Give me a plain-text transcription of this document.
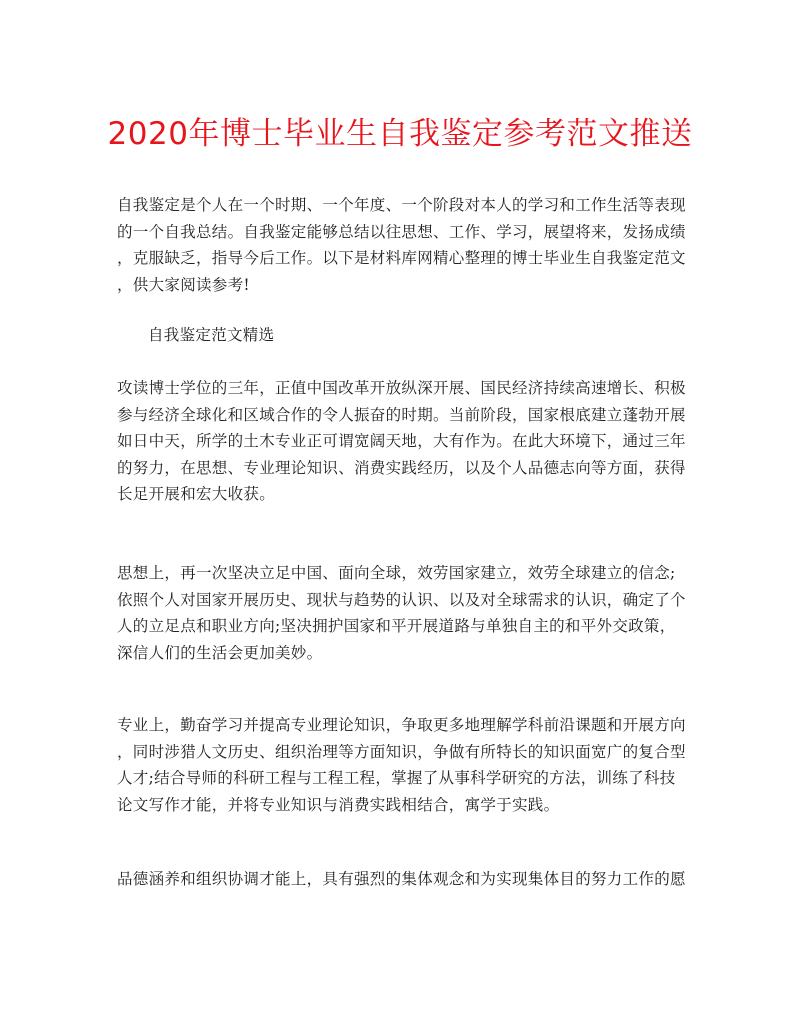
2020年博士毕业生自我鉴定参考范文推送

自我鉴定是个人在一个时期、一个年度、一个阶段对本人的学习和工作生活等表现
的一个自我总结。自我鉴定能够总结以往思想、工作、学习，展望将来，发扬成绩
，克服缺乏，指导今后工作。以下是材料库网精心整理的博士毕业生自我鉴定范文
，供大家阅读参考!

自我鉴定范文精选

攻读博士学位的三年，正值中国改革开放纵深开展、国民经济持续高速增长、积极
参与经济全球化和区域合作的令人振奋的时期。当前阶段，国家根底建立蓬勃开展
如日中天，所学的土木专业正可谓宽阔天地，大有作为。在此大环境下，通过三年
的努力，在思想、专业理论知识、消费实践经历，以及个人品德志向等方面，获得
长足开展和宏大收获。

思想上，再一次坚决立足中国、面向全球，效劳国家建立，效劳全球建立的信念;
依照个人对国家开展历史、现状与趋势的认识、以及对全球需求的认识，确定了个
人的立足点和职业方向;坚决拥护国家和平开展道路与单独自主的和平外交政策，
深信人们的生活会更加美妙。

专业上，勤奋学习并提高专业理论知识，争取更多地理解学科前沿课题和开展方向
，同时涉猎人文历史、组织治理等方面知识，争做有所特长的知识面宽广的复合型
人才;结合导师的科研工程与工程工程，掌握了从事科学研究的方法，训练了科技
论文写作才能，并将专业知识与消费实践相结合，寓学于实践。

品德涵养和组织协调才能上，具有强烈的集体观念和为实现集体目的努力工作的愿
